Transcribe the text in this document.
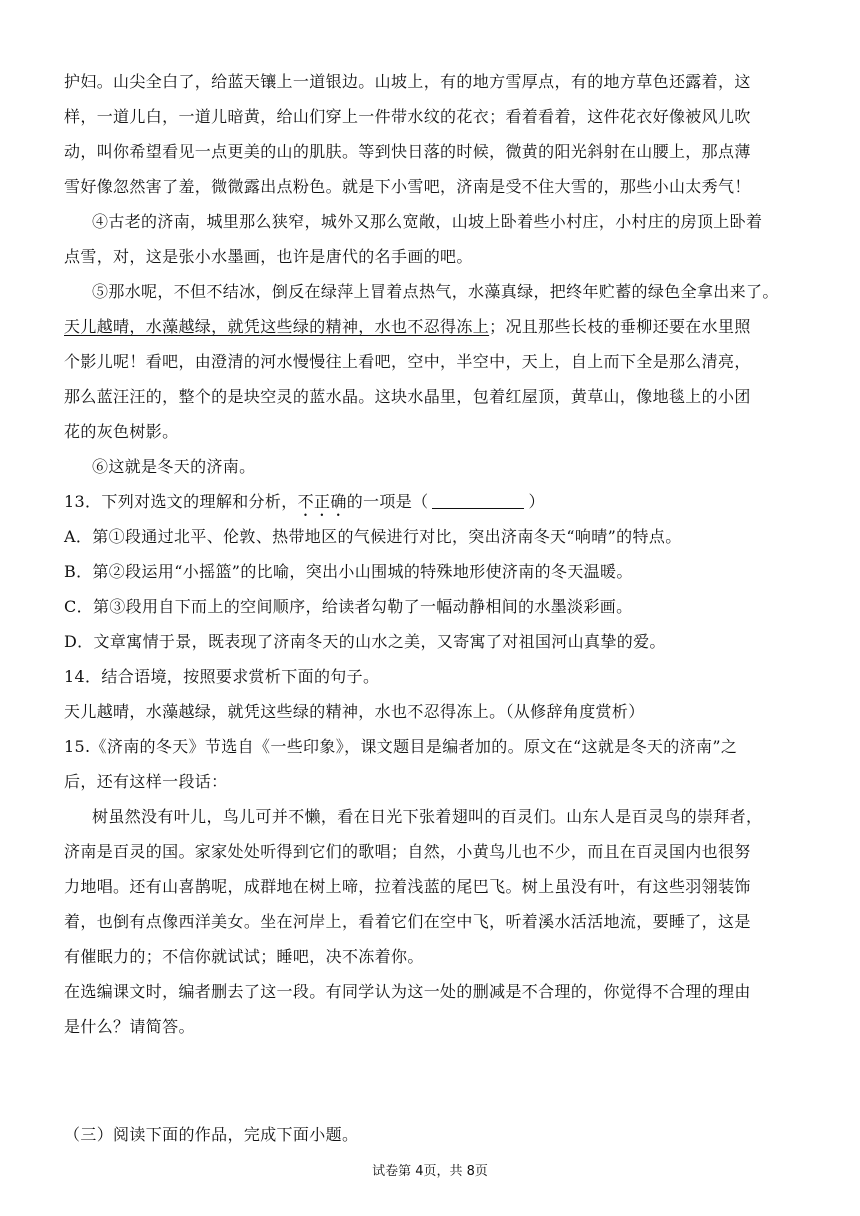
护妇。山尖全白了，给蓝天镶上一道银边。山坡上，有的地方雪厚点，有的地方草色还露着，这
样，一道儿白，一道儿暗黄，给山们穿上一件带水纹的花衣；看着看着，这件花衣好像被风儿吹
动，叫你希望看见一点更美的山的肌肤。等到快日落的时候，微黄的阳光斜射在山腰上，那点薄
雪好像忽然害了羞，微微露出点粉色。就是下小雪吧，济南是受不住大雪的，那些小山太秀气！
④古老的济南，城里那么狭窄，城外又那么宽敞，山坡上卧着些小村庄，小村庄的房顶上卧着
点雪，对，这是张小水墨画，也许是唐代的名手画的吧。
⑤那水呢，不但不结冰，倒反在绿萍上冒着点热气，水藻真绿，把终年贮蓄的绿色全拿出来了。
天儿越晴，水藻越绿，就凭这些绿的精神，水也不忍得冻上；况且那些长枝的垂柳还要在水里照
个影儿呢！看吧，由澄清的河水慢慢往上看吧，空中，半空中，天上，自上而下全是那么清亮，
那么蓝汪汪的，整个的是块空灵的蓝水晶。这块水晶里，包着红屋顶，黄草山，像地毯上的小团
花的灰色树影。
⑥这就是冬天的济南。
13．下列对选文的理解和分析，不正确的一项是（	）
A．第①段通过北平、伦敦、热带地区的气候进行对比，突出济南冬天“响晴”的特点。
B．第②段运用“小摇篮”的比喻，突出小山围城的特殊地形使济南的冬天温暖。
C．第③段用自下而上的空间顺序，给读者勾勒了一幅动静相间的水墨淡彩画。
D．文章寓情于景，既表现了济南冬天的山水之美，又寄寓了对祖国河山真挚的爱。
14．结合语境，按照要求赏析下面的句子。
天儿越晴，水藻越绿，就凭这些绿的精神，水也不忍得冻上。（从修辞角度赏析）
15.《济南的冬天》节选自《一些印象》，课文题目是编者加的。原文在“这就是冬天的济南”之
后，还有这样一段话：
树虽然没有叶儿，鸟儿可并不懒，看在日光下张着翅叫的百灵们。山东人是百灵鸟的崇拜者，
济南是百灵的国。家家处处听得到它们的歌唱；自然，小黄鸟儿也不少，而且在百灵国内也很努
力地唱。还有山喜鹊呢，成群地在树上啼，拉着浅蓝的尾巴飞。树上虽没有叶，有这些羽翎装饰
着，也倒有点像西洋美女。坐在河岸上，看着它们在空中飞，听着溪水活活地流，要睡了，这是
有催眠力的；不信你就试试；睡吧，决不冻着你。
在选编课文时，编者删去了这一段。有同学认为这一处的删减是不合理的，你觉得不合理的理由
是什么？请简答。
（三）阅读下面的作品，完成下面小题。
试卷第 4页，共 8页
